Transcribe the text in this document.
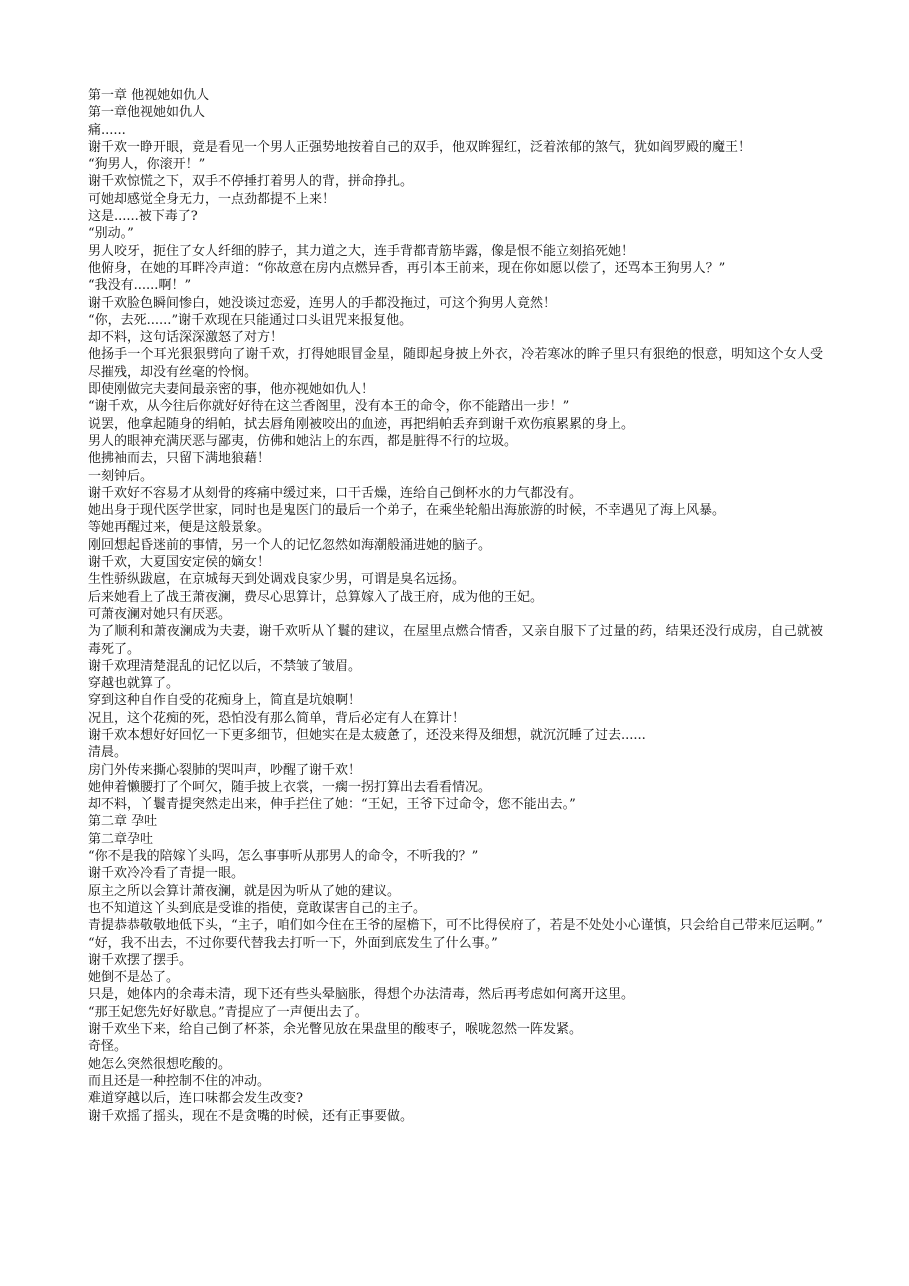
第一章 他视她如仇人

第一章他视她如仇人

痛......

谢千欢一睁开眼，竟是看见一个男人正强势地按着自己的双手，他双眸猩红，泛着浓郁的煞气，犹如阎罗殿的魔王！

“狗男人，你滚开！”

谢千欢惊慌之下，双手不停捶打着男人的背，拼命挣扎。

可她却感觉全身无力，一点劲都提不上来！

这是......被下毒了?

“别动。”

男人咬牙，扼住了女人纤细的脖子，其力道之大，连手背都青筋毕露，像是恨不能立刻掐死她！

他俯身，在她的耳畔冷声道：“你故意在房内点燃异香，再引本王前来，现在你如愿以偿了，还骂本王狗男人？”

“我没有......啊！”

谢千欢脸色瞬间惨白，她没谈过恋爱，连男人的手都没拖过，可这个狗男人竟然！

“你，去死......”谢千欢现在只能通过口头诅咒来报复他。

却不料，这句话深深激怒了对方！

他扬手一个耳光狠狠劈向了谢千欢，打得她眼冒金星，随即起身披上外衣，冷若寒冰的眸子里只有狠绝的恨意，明知这个女人受尽摧残，却没有丝毫的怜悯。

即使刚做完夫妻间最亲密的事，他亦视她如仇人！

“谢千欢，从今往后你就好好待在这兰香阁里，没有本王的命令，你不能踏出一步！”

说罢，他拿起随身的绢帕，拭去唇角刚被咬出的血迹，再把绢帕丢弃到谢千欢伤痕累累的身上。

男人的眼神充满厌恶与鄙夷，仿佛和她沾上的东西，都是脏得不行的垃圾。

他拂袖而去，只留下满地狼藉！

一刻钟后。

谢千欢好不容易才从刻骨的疼痛中缓过来，口干舌燥，连给自己倒杯水的力气都没有。

她出身于现代医学世家，同时也是鬼医门的最后一个弟子，在乘坐轮船出海旅游的时候，不幸遇见了海上风暴。

等她再醒过来，便是这般景象。

刚回想起昏迷前的事情，另一个人的记忆忽然如海潮般涌进她的脑子。

谢千欢，大夏国安定侯的嫡女！

生性骄纵跋扈，在京城每天到处调戏良家少男，可谓是臭名远扬。

后来她看上了战王萧夜澜，费尽心思算计，总算嫁入了战王府，成为他的王妃。

可萧夜澜对她只有厌恶。

为了顺利和萧夜澜成为夫妻，谢千欢听从丫鬟的建议，在屋里点燃合情香，又亲自服下了过量的药，结果还没行成房，自己就被毒死了。

谢千欢理清楚混乱的记忆以后，不禁皱了皱眉。

穿越也就算了。

穿到这种自作自受的花痴身上，简直是坑娘啊！

况且，这个花痴的死，恐怕没有那么简单，背后必定有人在算计！

谢千欢本想好好回忆一下更多细节，但她实在是太疲惫了，还没来得及细想，就沉沉睡了过去......

清晨。

房门外传来撕心裂肺的哭叫声，吵醒了谢千欢！

她伸着懒腰打了个呵欠，随手披上衣裳，一瘸一拐打算出去看看情况。

却不料，丫鬟青提突然走出来，伸手拦住了她：“王妃，王爷下过命令，您不能出去。”

第二章 孕吐

第二章孕吐

“你不是我的陪嫁丫头吗，怎么事事听从那男人的命令，不听我的？”

谢千欢冷冷看了青提一眼。

原主之所以会算计萧夜澜，就是因为听从了她的建议。

也不知道这丫头到底是受谁的指使，竟敢谋害自己的主子。

青提恭恭敬敬地低下头，“主子，咱们如今住在王爷的屋檐下，可不比得侯府了，若是不处处小心谨慎，只会给自己带来厄运啊。”

“好，我不出去，不过你要代替我去打听一下，外面到底发生了什么事。”

谢千欢摆了摆手。

她倒不是怂了。

只是，她体内的余毒未清，现下还有些头晕脑胀，得想个办法清毒，然后再考虑如何离开这里。

“那王妃您先好好歇息。”青提应了一声便出去了。

谢千欢坐下来，给自己倒了杯茶，余光瞥见放在果盘里的酸枣子，喉咙忽然一阵发紧。

奇怪。

她怎么突然很想吃酸的。

而且还是一种控制不住的冲动。

难道穿越以后，连口味都会发生改变?

谢千欢摇了摇头，现在不是贪嘴的时候，还有正事要做。
